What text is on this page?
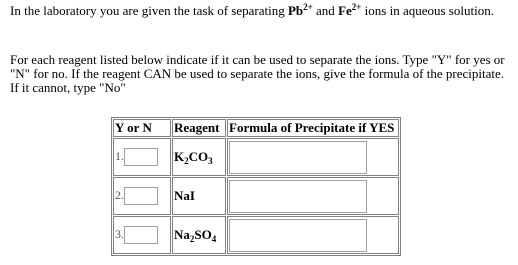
In the laboratory you are given the task of separating $Pb^{2+}$ and $Fe^{2+}$ ions in aqueous solution.

For each reagent listed below indicate if it can be used to separate the ions. Type "Y" for yes or "N" for no. If the reagent CAN be used to separate the ions, give the formula of the precipitate. If it cannot, type "No"

Y or N	Reagent	Formula of Precipitate if YES
1.	$K_2CO_3$	

2.	NaI	

3.	$Na_2SO_4$	
